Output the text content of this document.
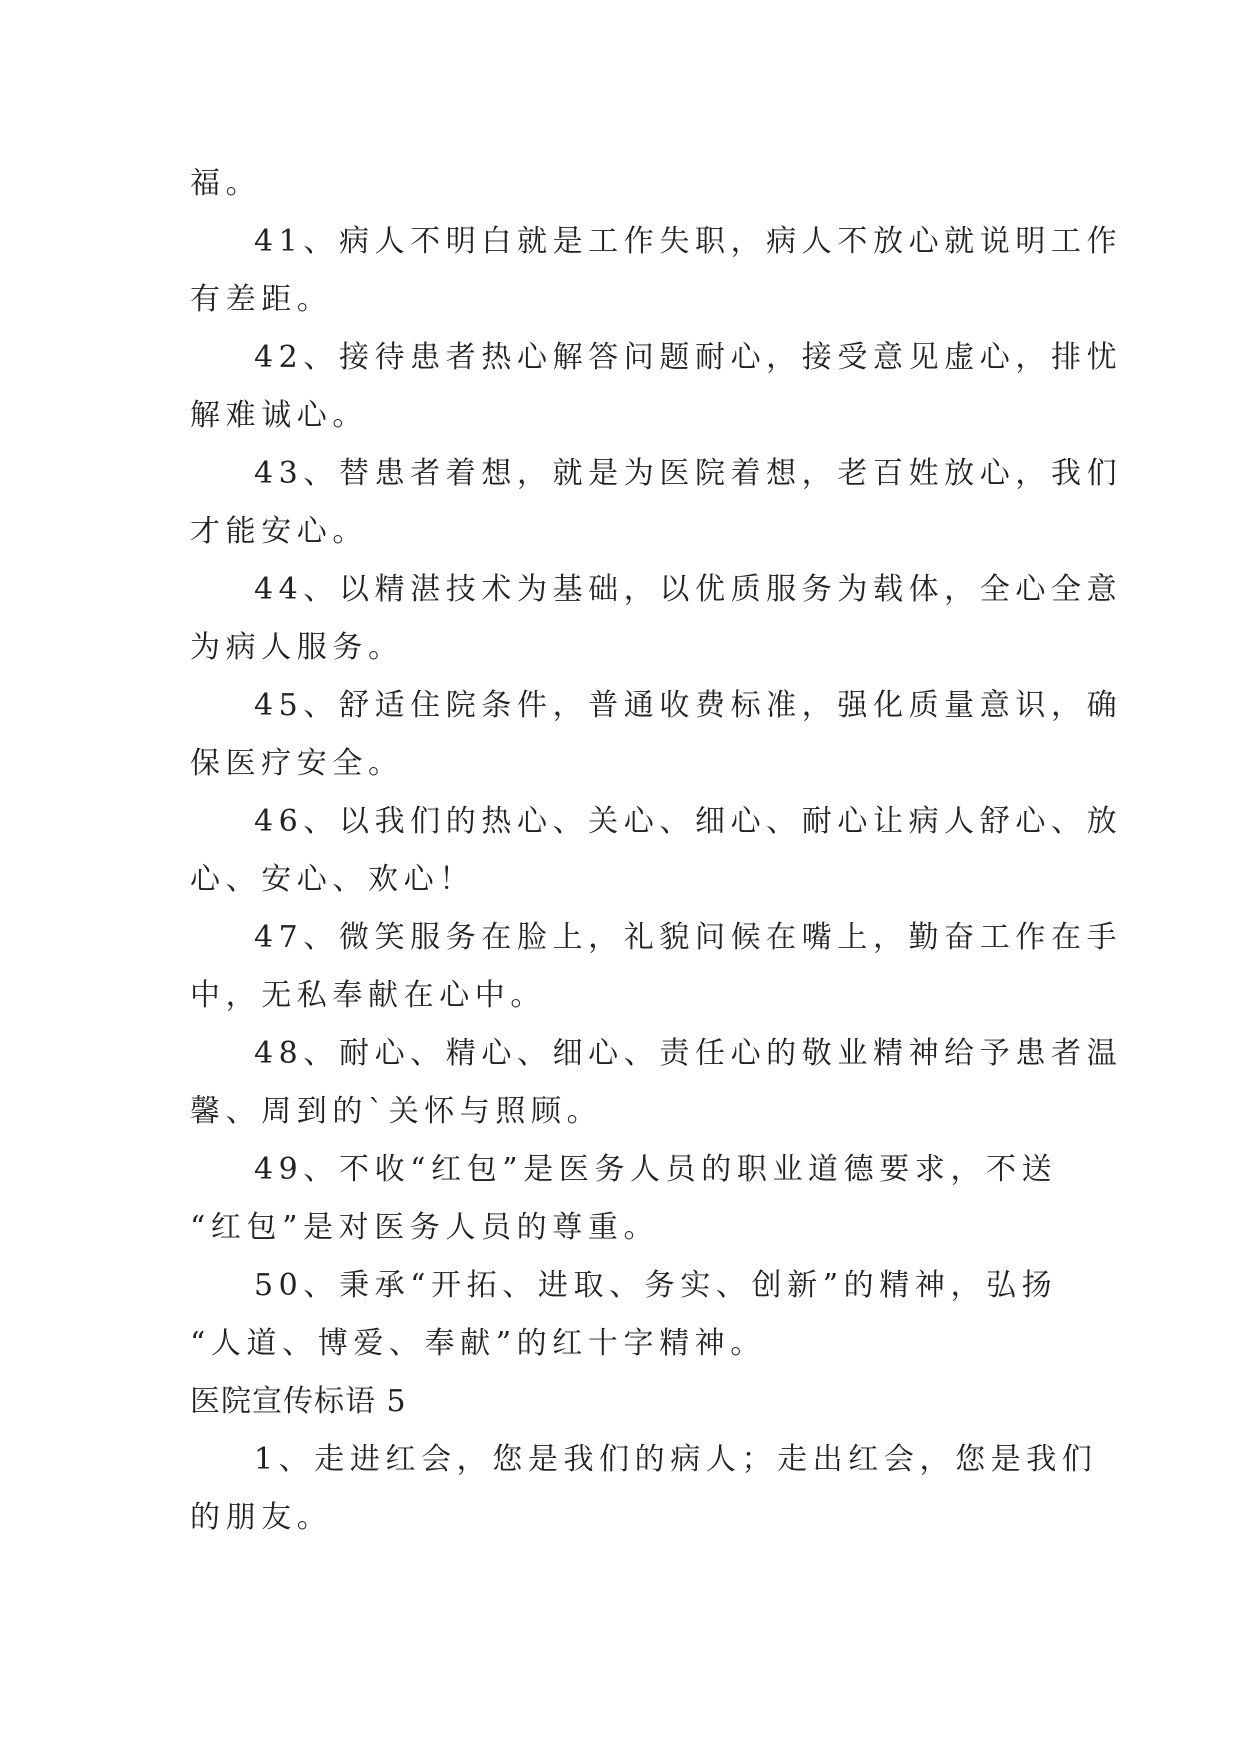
福。
41、病人不明白就是工作失职，病人不放心就说明工作
有差距。
42、接待患者热心解答问题耐心，接受意见虚心，排忧
解难诚心。
43、替患者着想，就是为医院着想，老百姓放心，我们
才能安心。
44、以精湛技术为基础，以优质服务为载体，全心全意
为病人服务。
45、舒适住院条件，普通收费标准，强化质量意识，确
保医疗安全。
46、以我们的热心、关心、细心、耐心让病人舒心、放
心、安心、欢心！
47、微笑服务在脸上，礼貌问候在嘴上，勤奋工作在手
中，无私奉献在心中。
48、耐心、精心、细心、责任心的敬业精神给予患者温
馨、周到的`关怀与照顾。
49、不收“红包”是医务人员的职业道德要求，不送
“红包”是对医务人员的尊重。
50、秉承“开拓、进取、务实、创新”的精神，弘扬
“人道、博爱、奉献”的红十字精神。
医院宣传标语 5
1、走进红会，您是我们的病人；走出红会，您是我们
的朋友。
